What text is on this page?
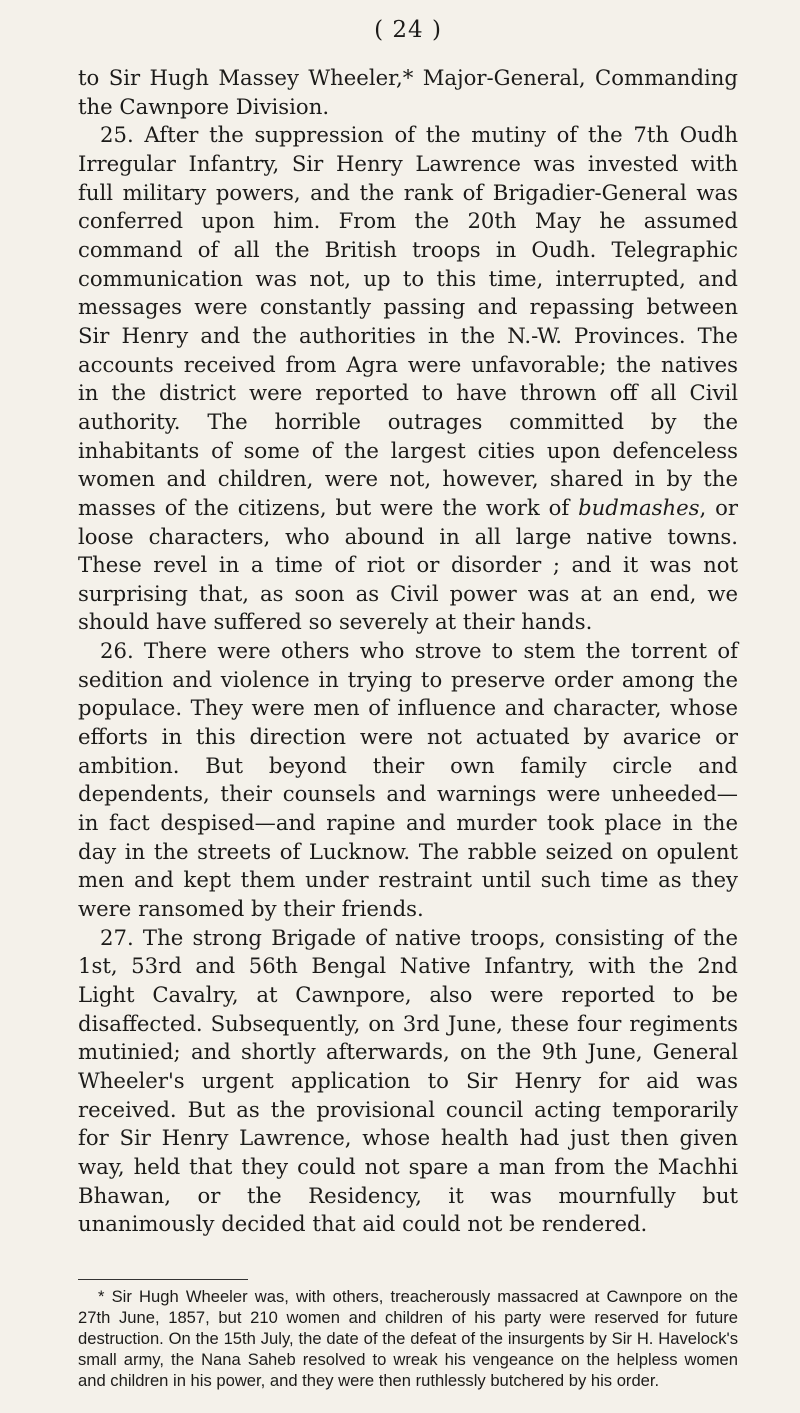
( 24 )

to Sir Hugh Massey Wheeler,* Major-General, Commanding the Cawnpore Division.

25. After the suppression of the mutiny of the 7th Oudh Irregular Infantry, Sir Henry Lawrence was invested with full military powers, and the rank of Brigadier-General was conferred upon him. From the 20th May he assumed command of all the British troops in Oudh. Telegraphic communication was not, up to this time, interrupted, and messages were constantly passing and repassing between Sir Henry and the authorities in the N.-W. Provinces. The accounts received from Agra were unfavorable; the natives in the district were reported to have thrown off all Civil authority. The horrible outrages committed by the inhabitants of some of the largest cities upon defenceless women and children, were not, however, shared in by the masses of the citizens, but were the work of budmashes, or loose characters, who abound in all large native towns. These revel in a time of riot or disorder ; and it was not surprising that, as soon as Civil power was at an end, we should have suffered so severely at their hands.

26. There were others who strove to stem the torrent of sedition and violence in trying to preserve order among the populace. They were men of influence and character, whose efforts in this direction were not actuated by avarice or ambition. But beyond their own family circle and dependents, their counsels and warnings were unheeded— in fact despised—and rapine and murder took place in the day in the streets of Lucknow. The rabble seized on opulent men and kept them under restraint until such time as they were ransomed by their friends.

27. The strong Brigade of native troops, consisting of the 1st, 53rd and 56th Bengal Native Infantry, with the 2nd Light Cavalry, at Cawnpore, also were reported to be disaffected. Subsequently, on 3rd June, these four regiments mutinied; and shortly afterwards, on the 9th June, General Wheeler's urgent application to Sir Henry for aid was received. But as the provisional council acting temporarily for Sir Henry Lawrence, whose health had just then given way, held that they could not spare a man from the Machhi Bhawan, or the Residency, it was mournfully but unanimously decided that aid could not be rendered.

* Sir Hugh Wheeler was, with others, treacherously massacred at Cawnpore on the 27th June, 1857, but 210 women and children of his party were reserved for future destruction. On the 15th July, the date of the defeat of the insurgents by Sir H. Havelock's small army, the Nana Saheb resolved to wreak his vengeance on the helpless women and children in his power, and they were then ruthlessly butchered by his order.
